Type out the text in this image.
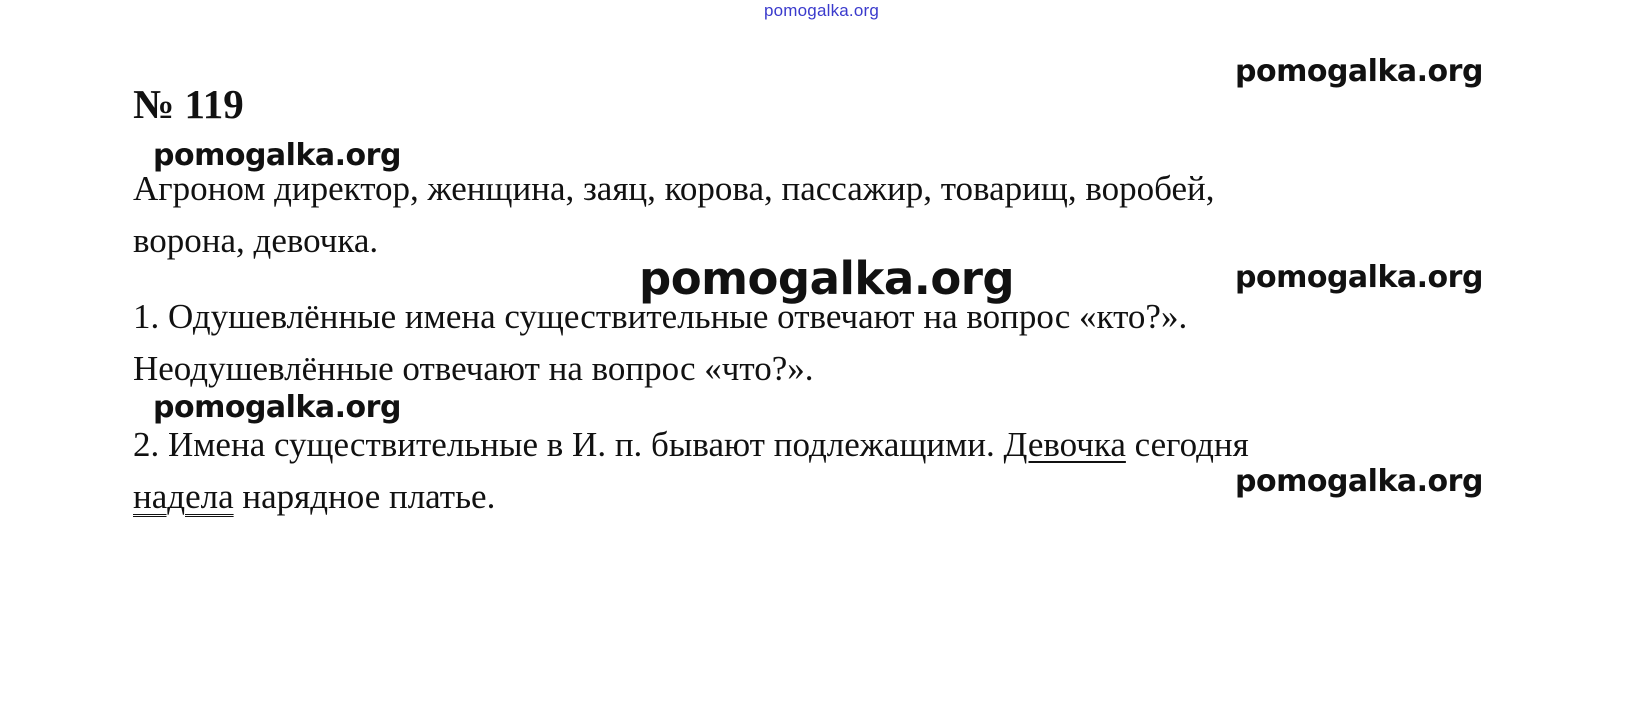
pomogalka.org
№ 119
Агроном директор, женщина, заяц, корова, пассажир, товарищ, воробей,
ворона, девочка.
1. Одушевлённые имена существительные отвечают на вопрос «кто?».
Неодушевлённые отвечают на вопрос «что?».
2. Имена существительные в И. п. бывают подлежащими. Девочка сегодня
надела нарядное платье.
pomogalka.org
pomogalka.org
pomogalka.org
pomogalka.org
pomogalka.org
pomogalka.org
